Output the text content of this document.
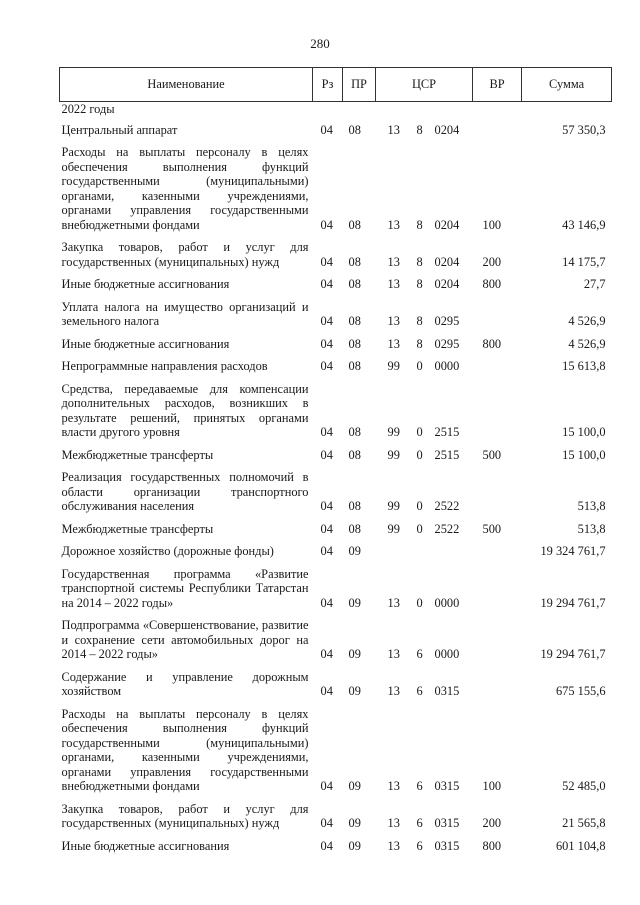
280
Наименование	Рз	ПР	ЦСР			ВР	Сумма
2022 годы							
Центральный аппарат	04	08	13	8	0204		57 350,3
Расходы на выплаты персоналу в целях обеспечения выполнения функций государственными (муниципальными) органами, казенными учреждениями, органами управления государственными внебюджетными фондами	04	08	13	8	0204	100	43 146,9
Закупка товаров, работ и услуг для государственных (муниципальных) нужд	04	08	13	8	0204	200	14 175,7
Иные бюджетные ассигнования	04	08	13	8	0204	800	27,7
Уплата налога на имущество организаций и земельного налога	04	08	13	8	0295		4 526,9
Иные бюджетные ассигнования	04	08	13	8	0295	800	4 526,9
Непрограммные направления расходов	04	08	99	0	0000		15 613,8
Средства, передаваемые для компенсации дополнительных расходов, возникших в результате решений, принятых органами власти другого уровня	04	08	99	0	2515		15 100,0
Межбюджетные трансферты	04	08	99	0	2515	500	15 100,0
Реализация государственных полномочий в области организации транспортного обслуживания населения	04	08	99	0	2522		513,8
Межбюджетные трансферты	04	08	99	0	2522	500	513,8
Дорожное хозяйство (дорожные фонды)	04	09					19 324 761,7
Государственная программа «Развитие транспортной системы Республики Татарстан на 2014 – 2022 годы»	04	09	13	0	0000		19 294 761,7
Подпрограмма «Совершенствование, развитие и сохранение сети автомобильных дорог на 2014 – 2022 годы»	04	09	13	6	0000		19 294 761,7
Содержание и управление дорожным хозяйством	04	09	13	6	0315		675 155,6
Расходы на выплаты персоналу в целях обеспечения выполнения функций государственными (муниципальными) органами, казенными учреждениями, органами управления государственными внебюджетными фондами	04	09	13	6	0315	100	52 485,0
Закупка товаров, работ и услуг для государственных (муниципальных) нужд	04	09	13	6	0315	200	21 565,8
Иные бюджетные ассигнования	04	09	13	6	0315	800	601 104,8
